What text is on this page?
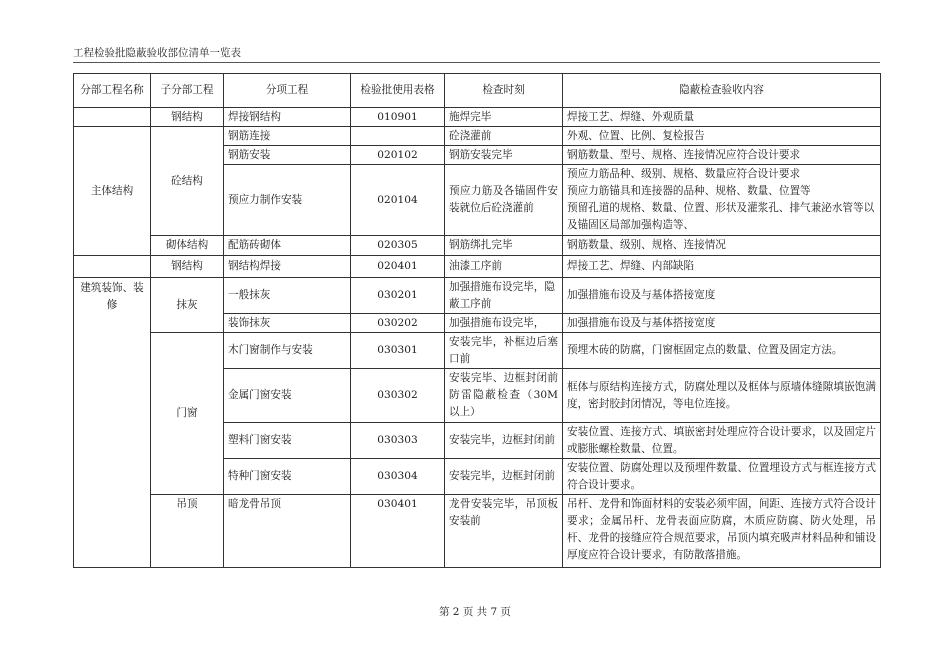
工程检验批隐蔽验收部位清单一览表
分部工程名称	子分部工程	分项工程	检验批使用表格	检查时刻	隐蔽检查验收内容
	钢结构	焊接钢结构	010901	施焊完毕	焊接工艺、焊缝、外观质量
主体结构	砼结构	钢筋连接		砼浇灌前	外观、位置、比例、复检报告
		钢筋安装	020102	钢筋安装完毕	钢筋数量、型号、规格、连接情况应符合设计要求
		预应力制作安装	020104	预应力筋及各锚固件安装就位后砼浇灌前	预应力筋品种、级别、规格、数量应符合设计要求
预应力筋锚具和连接器的品种、规格、数量、位置等
预留孔道的规格、数量、位置、形状及灌浆孔、排气兼泌水管等以及锚固区局部加强构造等、
	砌体结构	配筋砖砌体	020305	钢筋绑扎完毕	钢筋数量、级别、规格、连接情况
	钢结构	钢结构焊接	020401	油漆工序前	焊接工艺、焊缝、内部缺陷
建筑装饰、装修	抹灰	一般抹灰	030201	加强措施布设完毕，隐蔽工序前	加强措施布设及与基体搭接宽度
		装饰抹灰	030202	加强措施布设完毕，	加强措施布设及与基体搭接宽度
	门窗	木门窗制作与安装	030301	安装完毕，补框边后塞口前	预埋木砖的防腐，门窗框固定点的数量、位置及固定方法。
		金属门窗安装	030302	安装完毕、边框封闭前防雷隐蔽检查（30M以上）	框体与原结构连接方式，防腐处理以及框体与原墙体缝隙填嵌饱满度，密封胶封闭情况，等电位连接。
		塑料门窗安装	030303	安装完毕，边框封闭前	安装位置、连接方式、填嵌密封处理应符合设计要求，以及固定片或膨胀螺栓数量、位置。
		特种门窗安装	030304	安装完毕，边框封闭前	安装位置、防腐处理以及预埋件数量、位置埋设方式与框连接方式符合设计要求。
	吊顶	暗龙骨吊顶	030401	龙骨安装完毕，吊顶板安装前	吊杆、龙骨和饰面材料的安装必须牢固，间距、连接方式符合设计要求；金属吊杆、龙骨表面应防腐，木质应防腐、防火处理，吊杆、龙骨的接缝应符合规范要求，吊顶内填充吸声材料品种和铺设厚度应符合设计要求，有防散落措施。
第 2 页 共 7 页
